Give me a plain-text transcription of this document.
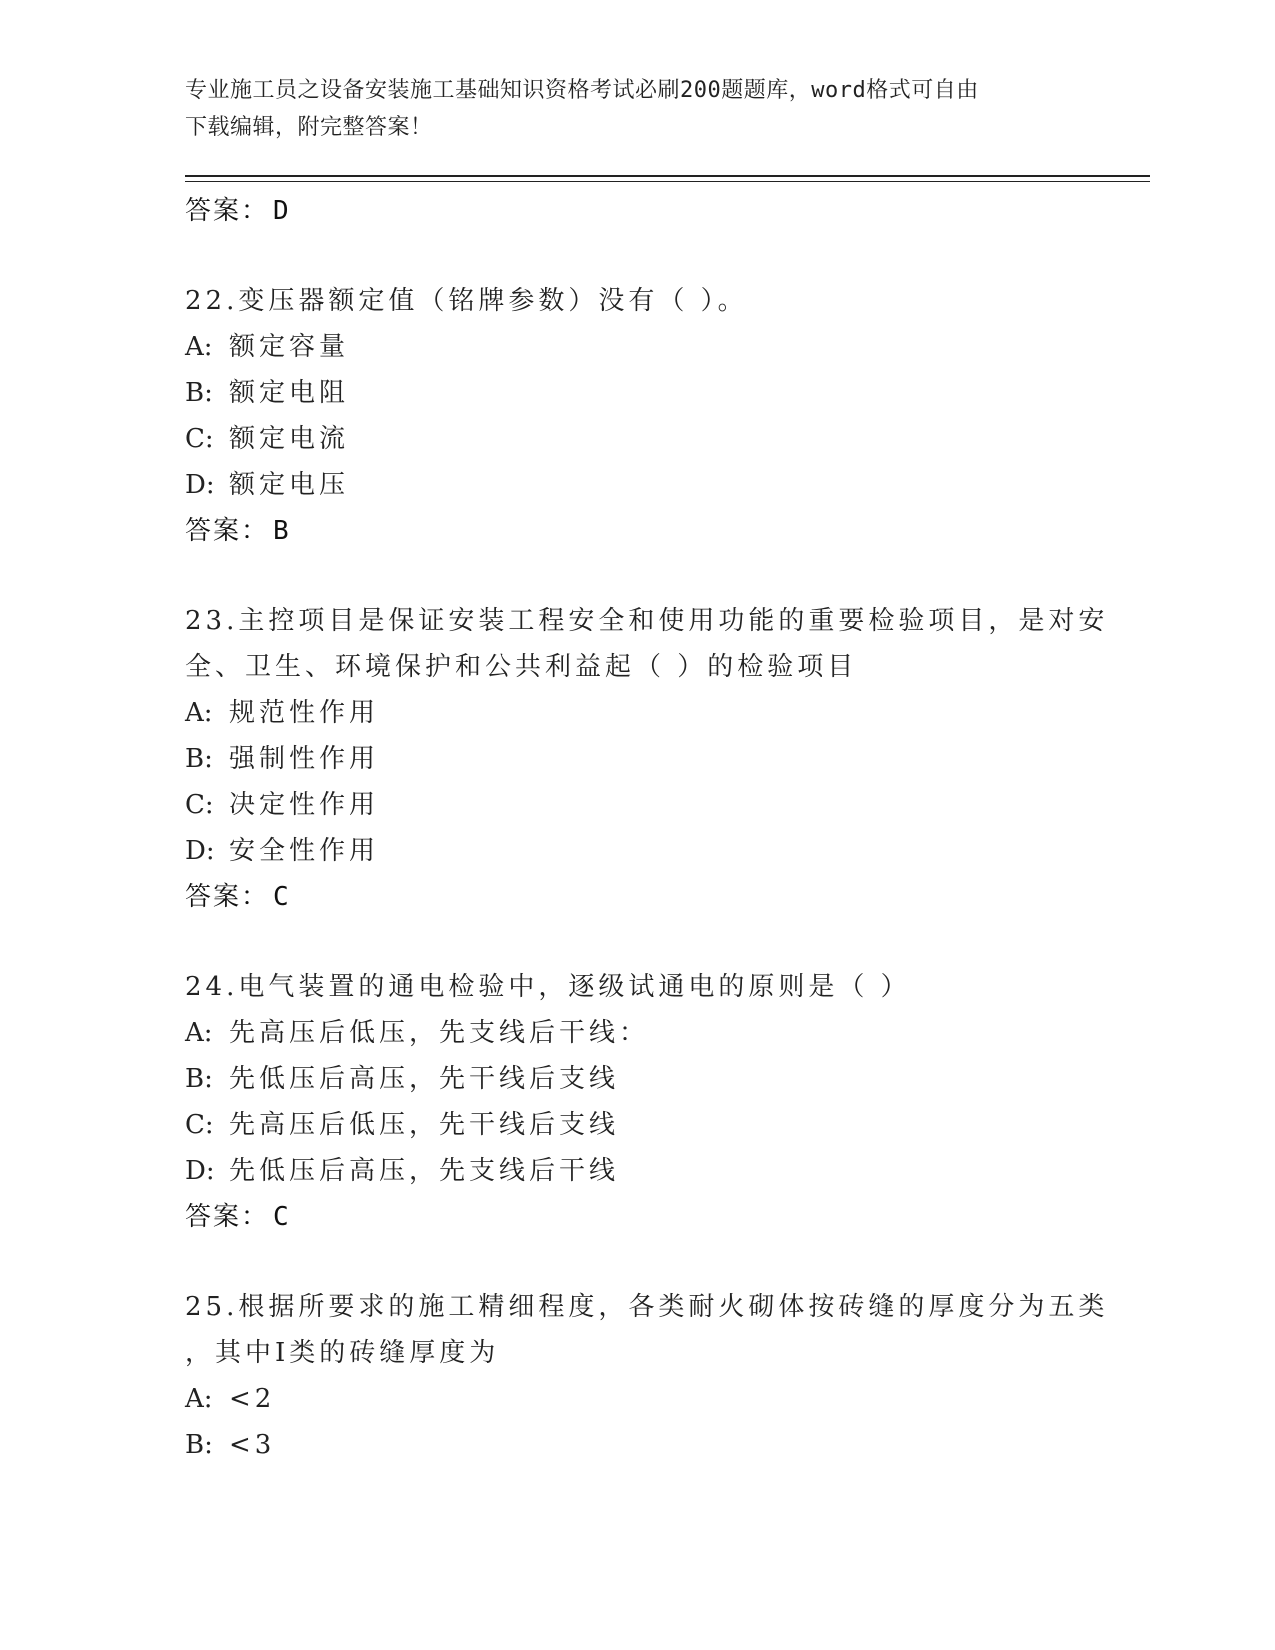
专业施工员之设备安装施工基础知识资格考试必刷200题题库，word格式可自由
下载编辑，附完整答案！
答案： D
22.变压器额定值（铭牌参数）没有（ ）。
A: 额定容量
B: 额定电阻
C: 额定电流
D: 额定电压
答案： B
23.主控项目是保证安装工程安全和使用功能的重要检验项目，是对安
全、卫生、环境保护和公共利益起（ ）的检验项目
A: 规范性作用
B: 强制性作用
C: 决定性作用
D: 安全性作用
答案： C
24.电气装置的通电检验中，逐级试通电的原则是（ ）
A: 先高压后低压，先支线后干线：
B: 先低压后高压，先干线后支线
C: 先高压后低压，先干线后支线
D: 先低压后高压，先支线后干线
答案： C
25.根据所要求的施工精细程度，各类耐火砌体按砖缝的厚度分为五类
，其中Ⅰ类的砖缝厚度为
A: <2
B: <3
